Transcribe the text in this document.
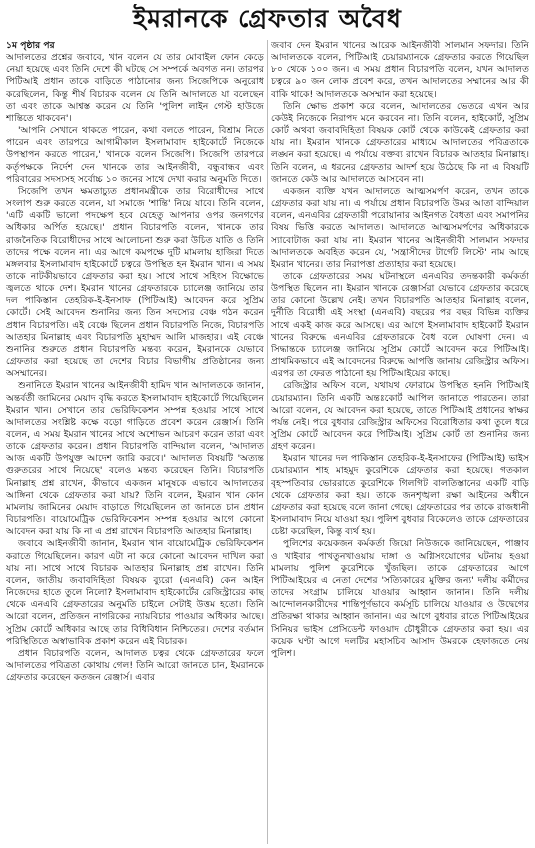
ইমরানকে গ্রেফতার অবৈধ

১ম পৃষ্ঠার পর
আদালতের প্রশ্নের জবাবে, খান বলেন যে তার মোবাইল ফোন কেড়ে নেয়া হয়েছে এবং তিনি দেশে কী ঘটছে সে সম্পর্কে অবগত নন। তারপর পিটিআই প্রধান তাকে বাড়িতে পাঠানোর জন্য সিজেপিকে অনুরোধ করেছিলেন, কিন্তু শীর্ষ বিচারক বলেন যে তিনি আদালতে যা বলেছেন তা এবং তাকে আশ্বস্ত করেন যে তিনি 'পুলিশ লাইন গেস্ট হাউজে শান্তিতে থাকবেন'।

'আপনি সেখানে থাকতে পারেন, কথা বলতে পারেন, বিশ্রাম নিতে পারেন এবং তারপরে আগামীকাল ইসলামাবাদ হাইকোর্টে নিজেকে উপস্থাপন করতে পারেন,' খানকে বলেন সিজেপি। সিজেপি তারপরে কর্তৃপক্ষকে নির্দেশ দেন খানকে তার আইনজীবী, বন্ধুবান্ধব এবং পরিবারের সদস্যসহ সর্বোচ্চ ১০ জনের সাথে দেখা করার অনুমতি দিতে।

সিজেপি তখন ক্ষমতাচ্যুত প্রধানমন্ত্রীকে তার বিরোধীদের সাথে সংলাপ শুরু করতে বলেন, যা সমাজে 'শান্তি' নিয়ে যাবে। তিনি বলেন, 'এটি একটি ভালো পদক্ষেপ হবে যেহেতু আপনার ওপর জনগণের অধিকার অর্পিত হয়েছে।' প্রধান বিচারপতি বলেন, খানকে তার রাজনৈতিক বিরোধীদের সাথে আলোচনা শুরু করা উচিত যাতি ও তিনি তাদের পক্ষে বলেন না। এর আগে কমপক্ষে দুটি মামলায় হাজিরা দিতে মঙ্গলবার ইসলামাবাদ হাইকোর্টে চত্বরে উপস্থিত হন ইমরান খান। এ সময় তাকে নাটকীয়ভাবে গ্রেফতার করা হয়। সাথে সাথে সহিংস বিক্ষোভে জ্বলতে থাকে দেশ। ইমরান খানের গ্রেফতারকে চ্যালেঞ্জ জানিয়ে তার দল পাকিস্তান তেহরিক-ই-ইনসাফ (পিটিআই) আবেদন করে সুপ্রিম কোর্টে। সেই আবেদন শুনানির জন্য তিন সদস্যের বেঞ্চ গঠন করেন প্রধান বিচারপতি। এই বেঞ্চে ছিলেন প্রধান বিচারপতি নিজে, বিচারপতি আতহার মিনাল্লাহ এবং বিচারপতি মুহাম্মদ আলি মাজহার। এই বেঞ্চে শুনানির শুরুতে প্রধান বিচারপতি মন্তব্য করেন, ইমরানকে যেভাবে গ্রেফতার করা হয়েছে তা দেশের বিচার বিভাগীয় প্রতিষ্ঠানের জন্য অসম্মানের।

শুনানিতে ইমরান খানের আইনজীবী হামিদ খান আদালতকে জানান, অন্তর্বর্তী জামিনের মেয়াদ বৃদ্ধি করতে ইসলামাবাদ হাইকোর্টে গিয়েছিলেন ইমরান খান। সেখানে তার ভেরিফিকেশন সম্পন্ন হওয়ার সাথে সাথে আদালতের সংশ্লিষ্ট কক্ষে বড়ো গাড়িতে প্রবেশ করেন রেঞ্জার্স। তিনি বলেন, এ সময় ইমরান খানের সাথে অশোভন আচরণ করেন তারা এবং তাকে গ্রেফতার করেন। প্রধান বিচারপতি বান্দিয়াল বলেন, 'আদালত আজ একটি উপযুক্ত আদেশ জারি করবে।' আদালত বিষয়টি 'অত্যন্ত গুরুতরের সাথে নিয়েছে' বলেও মন্তব্য করেছেন তিনি। বিচারপতি মিনাল্লাহ প্রশ্ন রাখেন, কীভাবে একজন মানুষকে এভাবে আদালতের আঙ্গিনা থেকে গ্রেফতার করা যায়? তিনি বলেন, ইমরান খান কোন মামলায় জামিনের মেয়াদ বাড়াতে গিয়েছিলেন তা জানতে চান প্রধান বিচারপতি। বায়োমেট্রিক ভেরিফিকেশন সম্পন্ন হওয়ার আগে কোনো আবেদন করা যায় কি না এ প্রশ্ন রাখেন বিচারপতি আতহার মিনাল্লাহ।

জবাবে আইনজীবী জানান, ইমরান খান বায়োমেট্রিক ভেরিফিকেশন করাতে গিয়েছিলেন। কারণ এটা না করে কোনো আবেদন দাখিল করা যায় না। সাথে সাথে বিচারক আতহার মিনাল্লাহ প্রশ্ন রাখেন। তিনি বলেন, জাতীয় জবাবদিহিতা বিষয়ক ব্যুরো (এনএবি) কেন আইন নিজেদের হাতে তুলে নিলো? ইসলামাবাদ হাইকোর্টের রেজিস্ট্রারের কাছ থেকে এনএবি গ্রেফতারের অনুমতি চাইলে সেটাই উত্তম হতো। তিনি আরো বলেন, প্রতিজন নাগরিকের ন্যায়বিচার পাওয়ার অধিকার আছে। সুপ্রিম কোর্টে অধিকার আছে তার বিধিবিধান নিশ্চিতের। দেশের বর্তমান পরিস্থিতিতে অস্বাভাবিক প্রকাশ করেন এই বিচারক।

প্রধান বিচারপতি বলেন, আদালত চত্বর থেকে গ্রেফতারের ফলে আদালতের পবিত্রতা কোথায় গেল! তিনি আরো জানতে চান, ইমরানকে গ্রেফতার করেছেন কতজন রেঞ্জার্স। এবার

জবাব দেন ইমরান খানের আরেক আইনজীবী সালমান সফদার। তিনি আদালতকে বলেন, পিটিআই চেয়ারম্যানকে গ্রেফতার করতে গিয়েছিল ৮০ থেকে ১০০ জন। এ সময় প্রধান বিচারপতি বলেন, যখন আদালত চত্বরে ৯০ জন লোক প্রবেশ করে, তখন আদালতের সম্মানের আর কী বাকি থাকে! আদালতকে অসম্মান করা হয়েছে।

তিনি ক্ষোভ প্রকাশ করে বলেন, আদালতের ভেতরে এখন আর কেউই নিজেকে নিরাপদ মনে করবেন না। তিনি বলেন, হাইকোর্ট, সুপ্রিম কোর্ট অথবা জবাবদিহিতা বিষয়ক কোর্ট থেকে কাউকেই গ্রেফতার করা যায় না। ইমরান খানকে গ্রেফতারের মাধ্যমে আদালতের পবিত্রতাকে লঙ্ঘন করা হয়েছে। এ পর্যায়ে বক্তব্য রাখেন বিচারক আতহার মিনাল্লাহ। তিনি বলেন, এ ধরনের গ্রেফতার আদর্শ হয়ে উঠেছে কি না এ বিষয়টি জানতে কেউ আর আদালতে আসবেন না।

একজন ব্যক্তি যখন আদালতে আত্মসমর্পণ করেন, তখন তাকে গ্রেফতার করা যায় না। এ পর্যায়ে প্রধান বিচারপতি উমর আতা বান্দিয়াল বলেন, এনএবির গ্রেফতারী পরোয়ানার আইনগত বৈধতা এবং সমাপনির বিষয় ভিত্তি করতে আদালত। আদালতে আত্মসমর্পণের অধিকারকে স্যাবোটাজ করা যায় না। ইমরান খানের আইনজীবী সালমান সফদার আদালতকে অবহিত করেন যে, 'সন্ত্রাসীদের টার্গেট লিস্টে' নাম আছে ইমরান খানের। তার নিরাপত্তা প্রত্যাহার করা হয়েছে।

তাকে গ্রেফতারের সময় ঘটনাস্থলে এনএবির তদন্তকারী কর্মকর্তা উপস্থিত ছিলেন না। ইমরান খানকে রেঞ্জার্সরা যেভাবে গ্রেফতার করেছে তার কোনো উল্লেখ নেই। তখন বিচারপতি আতহার মিনাল্লাহ বলেন, দুর্নীতি বিরোধী এই সংস্থা (এনএবি) বছরের পর বছর বিভিন্ন ব্যক্তির সাথে একই কাজ করে আসছে। এর আগে ইসলামাবাদ হাইকোর্ট ইমরান খানের বিরুদ্ধে এনএবির গ্রেফতারকে বৈধ বলে ঘোষণা দেন। এ সিদ্ধান্তকে চ্যালেঞ্জ জানিয়ে সুপ্রিম কোর্টে আবেদন করে পিটিআই। প্রাথমিকভাবে এই আবেদনের বিরুদ্ধে আপত্তি জানায় রেজিস্ট্রার অফিস। এরপর তা ফেরত পাঠানো হয় পিটিআইয়ের কাছে।

রেজিস্ট্রার অফিস বলে, যথাযথ ফোরামে উপস্থিত হননি পিটিআই চেয়ারম্যান। তিনি একটি অন্তঃকোর্ট আপিল জানাতে পারতেন। তারা আরো বলেন, যে আবেদন করা হয়েছে, তাতে পিটিআই প্রধানের স্বাক্ষর পর্যন্ত নেই। পরে বুধবার রেজিস্ট্রার অফিসের বিরোধিতার কথা তুলে ধরে সুপ্রিম কোর্টে আবেদন করে পিটিআই। সুপ্রিম কোর্ট তা শুনানির জন্য গ্রহণ করেন।

ইমরান খানের দল পাকিস্তান তেহরিক-ই-ইনসাফের (পিটিআই) ভাইস চেয়ারম্যান শাহ মাহমুদ কুরেশিকে গ্রেফতার করা হয়েছে। গতকাল বৃহস্পতিবার ভোররাতে কুরেশিকে গিলগিট বালতিস্তানের একটি বাড়ি থেকে গ্রেফতার করা হয়। তাকে জনশৃঙ্খলা রক্ষা আইনের অধীনে গ্রেফতার করা হয়েছে বলে জানা গেছে। গ্রেফতারের পর তাকে রাজধানী ইসলামাবাদ নিয়ে যাওয়া হয়। পুলিশ বুধবার বিকেলেও তাকে গ্রেফতারের চেষ্টা করেছিল, কিন্তু ব্যর্থ হয়।

পুলিশের কয়েকজন কর্মকর্তা জিয়ো নিউজকে জানিয়েছেন, পাঞ্জাব ও খাইবার পাখতুনখাওয়ায় দাঙ্গা ও অগ্নিসংযোগের ঘটনায় হওয়া মামলায় পুলিশ কুরেশিকে খুঁজছিল। তাকে গ্রেফতারের আগে পিটিআইয়ের এ নেতা দেশের 'সত্যিকারের মুক্তির জন্য' দলীয় কর্মীদের তাদের সংগ্রাম চালিয়ে যাওয়ার আহ্বান জানান। তিনি দলীয় আন্দোলনকারীদের শান্তিপূর্ণভাবে কর্মসূচি চালিয়ে যাওয়ার ও উদ্বেগের প্রতিরক্ষা থাকার আহ্বান জানান। এর আগে বুধবার রাতে পিটিআইয়ের সিনিয়র ভাইস প্রেসিডেন্ট ফাওয়াদ চৌধুরীকে গ্রেফতার করা হয়। এর কয়েক ঘণ্টা আগে দলটির মহাসচিব আসাদ উমরকে হেফাজতে নেয় পুলিশ।
